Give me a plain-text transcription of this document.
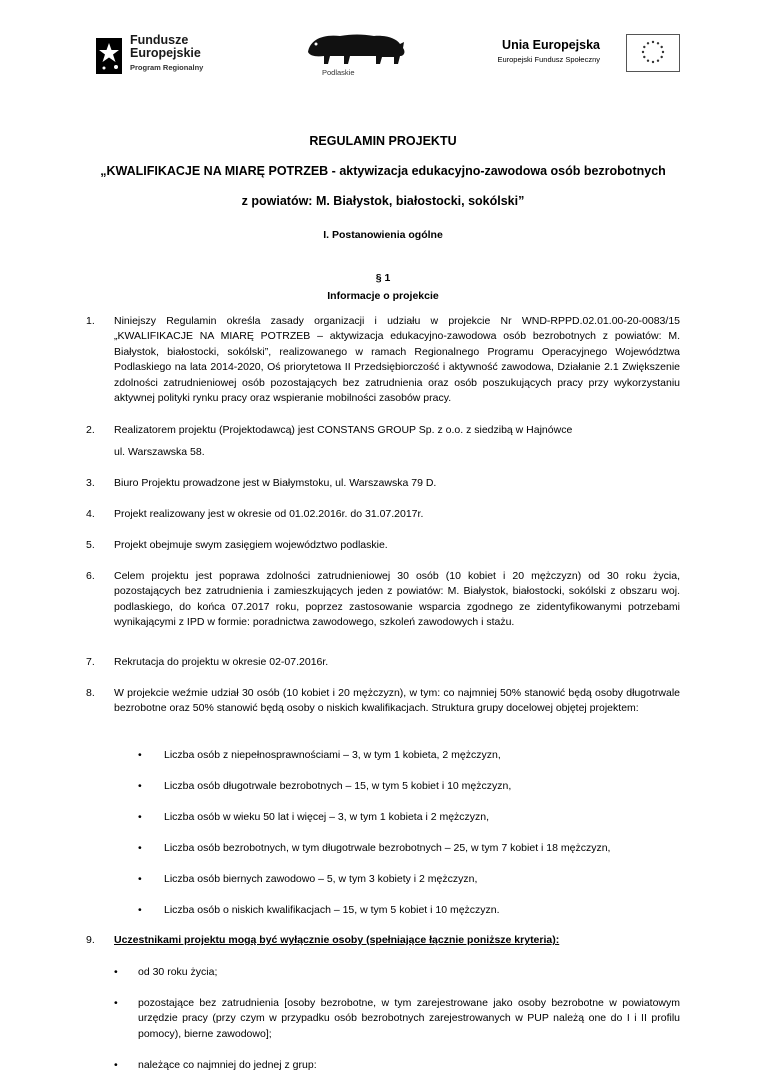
Fundusze
Europejskie
Program Regionalny
Podlaskie
Unia Europejska
Europejski Fundusz Społeczny
REGULAMIN PROJEKTU
„KWALIFIKACJE NA MIARĘ POTRZEB - aktywizacja edukacyjno-zawodowa osób bezrobotnych
z powiatów: M. Białystok, białostocki, sokólski”
I. Postanowienia ogólne
§ 1
Informacje o projekcie
1.	Niniejszy Regulamin określa zasady organizacji i udziału w projekcie Nr WND-RPPD.02.01.00-20-0083/15 „KWALIFIKACJE NA MIARĘ POTRZEB – aktywizacja edukacyjno-zawodowa osób bezrobotnych z powiatów: M. Białystok, białostocki, sokólski”, realizowanego w ramach Regionalnego Programu Operacyjnego Województwa Podlaskiego na lata 2014-2020, Oś priorytetowa II Przedsiębiorczość i aktywność zawodowa, Działanie 2.1 Zwiększenie zdolności zatrudnieniowej osób pozostających bez zatrudnienia oraz osób poszukujących pracy przy wykorzystaniu aktywnej polityki rynku pracy oraz wspieranie mobilności zasobów pracy.
2.	Realizatorem projektu (Projektodawcą) jest CONSTANS GROUP Sp. z o.o. z siedzibą w Hajnówce
ul. Warszawska 58.
3.	Biuro Projektu prowadzone jest w Białymstoku, ul. Warszawska 79 D.
4.	Projekt realizowany jest w okresie od 01.02.2016r. do 31.07.2017r.
5.	Projekt obejmuje swym zasięgiem województwo podlaskie.
6.	Celem projektu jest poprawa zdolności zatrudnieniowej 30 osób (10 kobiet i 20 mężczyzn) od 30 roku życia, pozostających bez zatrudnienia i zamieszkujących jeden z powiatów: M. Białystok, białostocki, sokólski z obszaru woj. podlaskiego, do końca 07.2017 roku, poprzez zastosowanie wsparcia zgodnego ze zidentyfikowanymi potrzebami wynikającymi z IPD w formie: poradnictwa zawodowego, szkoleń zawodowych i stażu.
7.	Rekrutacja do projektu w okresie 02-07.2016r.
8.	W projekcie weźmie udział 30 osób (10 kobiet i 20 mężczyzn), w tym: co najmniej 50% stanowić będą osoby długotrwale bezrobotne oraz 50% stanowić będą osoby o niskich kwalifikacjach. Struktura grupy docelowej objętej projektem:
• Liczba osób z niepełnosprawnościami – 3, w tym 1 kobieta, 2 mężczyzn,
• Liczba osób długotrwale bezrobotnych – 15, w tym 5 kobiet i 10 mężczyzn,
• Liczba osób w wieku 50 lat i więcej – 3, w tym 1 kobieta i 2 mężczyzn,
• Liczba osób bezrobotnych, w tym długotrwale bezrobotnych – 25, w tym 7 kobiet i 18 mężczyzn,
• Liczba osób biernych zawodowo – 5, w tym 3 kobiety i 2 mężczyzn,
• Liczba osób o niskich kwalifikacjach – 15, w tym 5 kobiet i 10 mężczyzn.
9.	Uczestnikami projektu mogą być wyłącznie osoby (spełniające łącznie poniższe kryteria):
• od 30 roku życia;
• pozostające bez zatrudnienia [osoby bezrobotne, w tym zarejestrowane jako osoby bezrobotne w powiatowym urzędzie pracy (przy czym w przypadku osób bezrobotnych zarejestrowanych w PUP należą one do I i II profilu pomocy), bierne zawodowo];
• należące co najmniej do jednej z grup:
